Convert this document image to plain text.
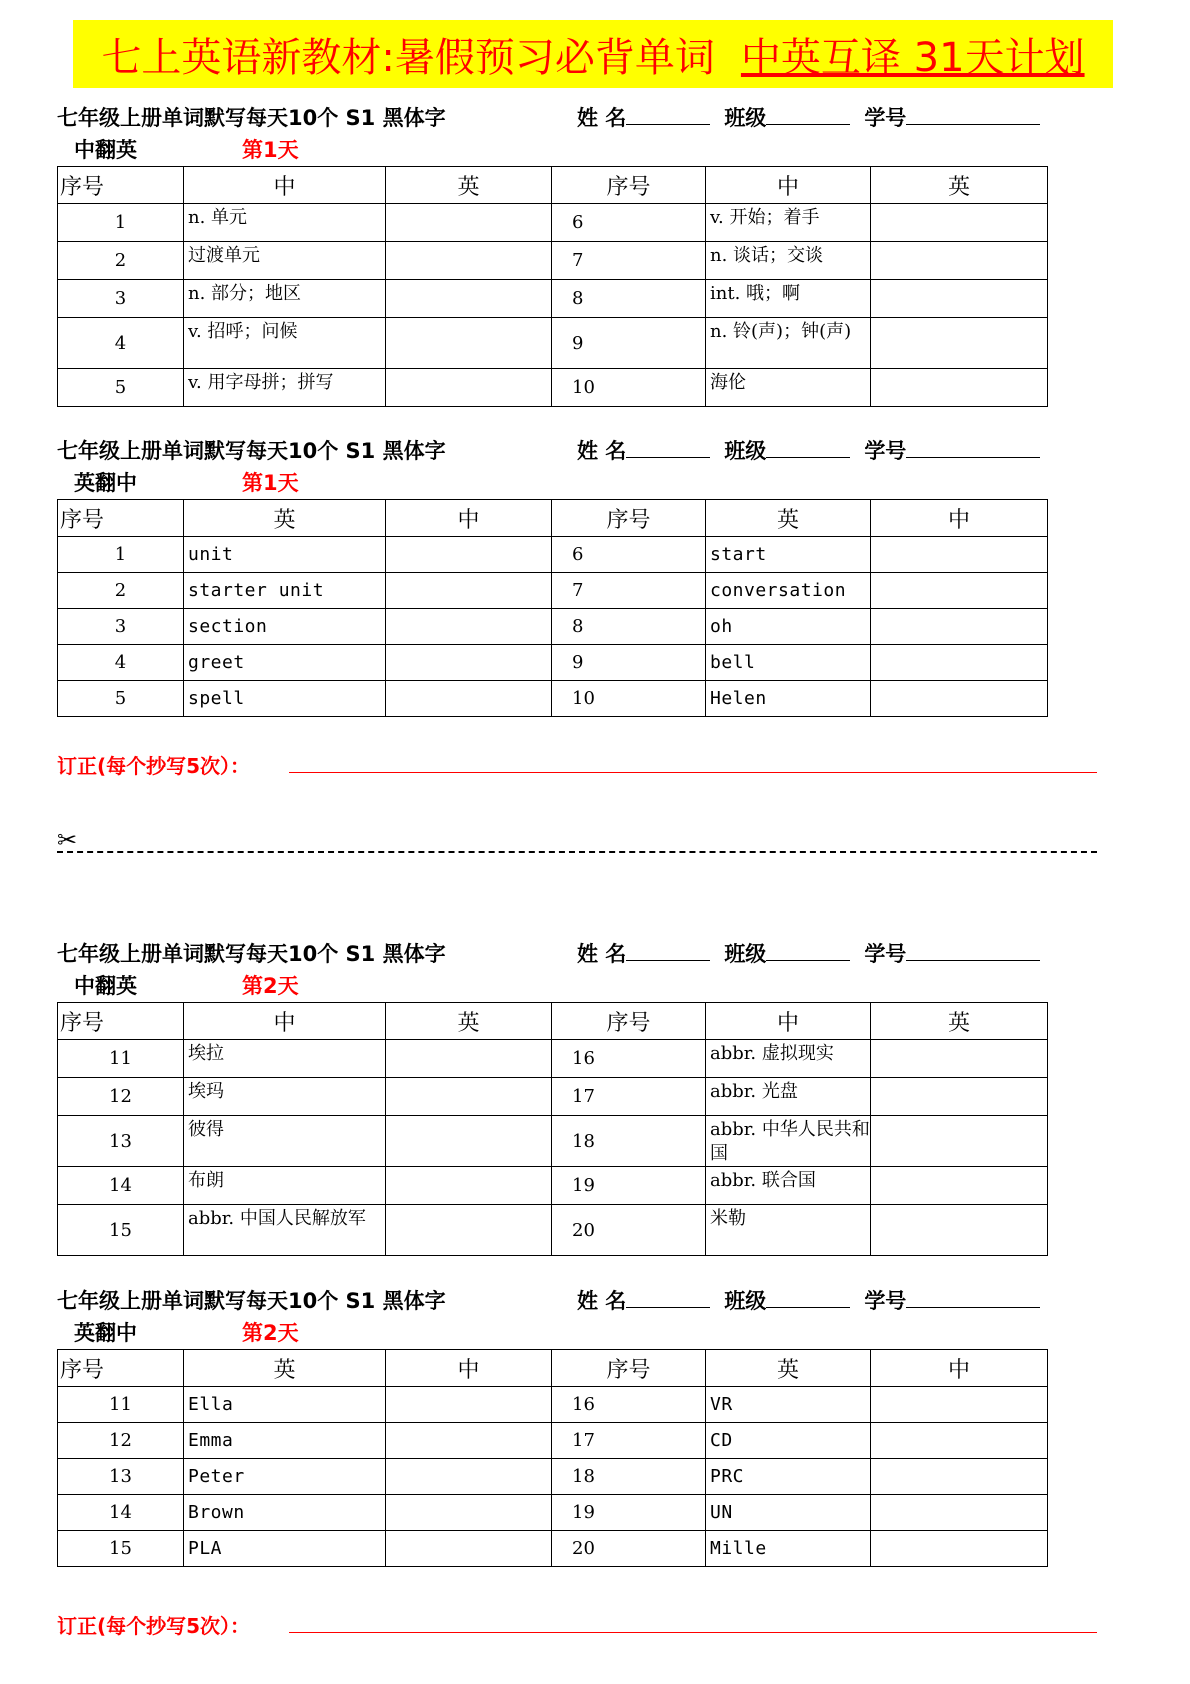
七上英语新教材:暑假预习必背单词 中英互译 31天计划
七年级上册单词默写每天10个 S1 黑体字	姓 名	班级	学号
中翻英	第1天
序号	中	英	序号	中	英
1	n. 单元		6	v. 开始；着手	
2	过渡单元		7	n. 谈话；交谈	
3	n. 部分；地区		8	int. 哦；啊	
4	v. 招呼；问候		9	n. 铃(声)；钟(声)	
5	v. 用字母拼；拼写		10	海伦	
七年级上册单词默写每天10个 S1 黑体字	姓 名	班级	学号
英翻中	第1天
序号	英	中	序号	英	中
1	unit		6	start	
2	starter unit		7	conversation	
3	section		8	oh	
4	greet		9	bell	
5	spell		10	Helen	
订正(每个抄写5次）：
✂
七年级上册单词默写每天10个 S1 黑体字	姓 名	班级	学号
中翻英	第2天
序号	中	英	序号	中	英
11	埃拉		16	abbr. 虚拟现实	
12	埃玛		17	abbr. 光盘	
13	彼得		18	abbr. 中华人民共和国	
14	布朗		19	abbr. 联合国	
15	abbr. 中国人民解放军		20	米勒	
七年级上册单词默写每天10个 S1 黑体字	姓 名	班级	学号
英翻中	第2天
序号	英	中	序号	英	中
11	Ella		16	VR	
12	Emma		17	CD	
13	Peter		18	PRC	
14	Brown		19	UN	
15	PLA		20	Mille	
订正(每个抄写5次）：
